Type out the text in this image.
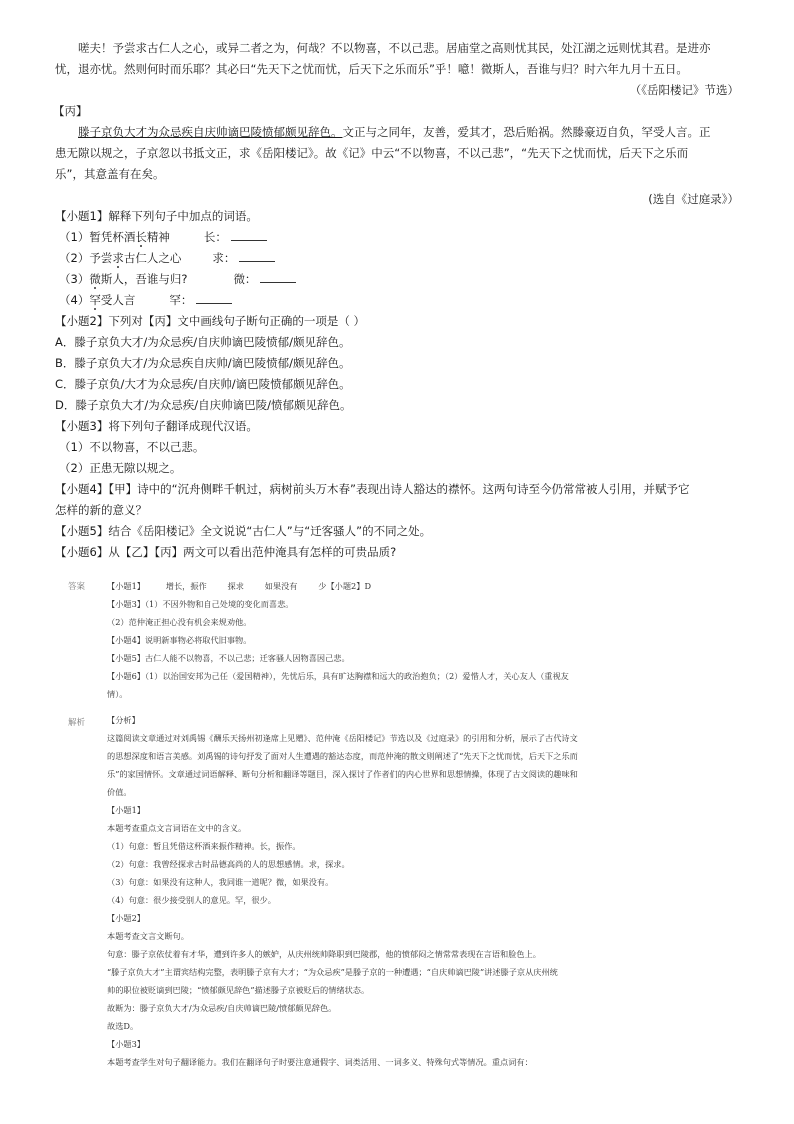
嗟夫！予尝求古仁人之心，或异二者之为，何哉？不以物喜，不以己悲。居庙堂之高则忧其民，处江湖之远则忧其君。是进亦
忧，退亦忧。然则何时而乐耶？其必曰“先天下之忧而忧，后天下之乐而乐”乎！噫！微斯人，吾谁与归？时六年九月十五日。
（《岳阳楼记》节选）
【丙】
滕子京负大才为众忌疾自庆帅谪巴陵愤郁颇见辞色。文正与之同年，友善，爱其才，恐后贻祸。然滕豪迈自负，罕受人言。正
患无隙以规之，子京忽以书抵文正，求《岳阳楼记》。故《记》中云“不以物喜，不以己悲”，“先天下之忧而忧，后天下之乐而
乐”，其意盖有在矣。
(选自《过庭录》）
【小题1】解释下列句子中加点的词语。
（1）暂凭杯酒长精神	长：
（2）予尝求古仁人之心	求：
（3）微斯人，吾谁与归?	微：
（4）罕受人言	罕：
【小题2】下列对【丙】文中画线句子断句正确的一项是（ ）
A．滕子京负大才/为众忌疾/自庆帅谪巴陵愤郁/颇见辞色。
B．滕子京负大才/为众忌疾自庆帅/谪巴陵愤郁/颇见辞色。
C．滕子京负/大才为众忌疾/自庆帅/谪巴陵愤郁颇见辞色。
D．滕子京负大才/为众忌疾/自庆帅谪巴陵/愤郁颇见辞色。
【小题3】将下列句子翻译成现代汉语。
（1）不以物喜，不以己悲。
（2）正患无隙以规之。
【小题4】【甲】诗中的“沉舟侧畔千帆过，病树前头万木春”表现出诗人豁达的襟怀。这两句诗至今仍常常被人引用，并赋予它
怎样的新的意义？
【小题5】结合《岳阳楼记》全文说说“古仁人”与“迁客骚人”的不同之处。
【小题6】从【乙】【丙】两文可以看出范仲淹具有怎样的可贵品质?
答案	【小题1】        增长，振作        探求        如果没有        少【小题2】D
【小题3】（1）不因外物和自己处境的变化而喜悲。
（2）范仲淹正担心没有机会来规劝他。
【小题4】说明新事物必将取代旧事物。
【小题5】古仁人能不以物喜，不以己悲；迁客骚人因物喜因己悲。
【小题6】（1）以治国安邦为己任（爱国精神），先忧后乐，具有旷达胸襟和远大的政治抱负；（2）爱惜人才，关心友人（重视友
情）。
解析	【分析】
这篇阅读文章通过对刘禹锡《酬乐天扬州初逢席上见赠》、范仲淹《岳阳楼记》节选以及《过庭录》的引用和分析，展示了古代诗文
的思想深度和语言美感。刘禹锡的诗句抒发了面对人生遭遇的豁达态度，而范仲淹的散文则阐述了“先天下之忧而忧，后天下之乐而
乐”的家国情怀。文章通过词语解释、断句分析和翻译等题目，深入探讨了作者们的内心世界和思想情操，体现了古文阅读的趣味和
价值。
【小题1】
本题考查重点文言词语在文中的含义。
（1）句意：暂且凭借这杯酒来振作精神。长，振作。
（2）句意：我曾经探求古时品德高尚的人的思想感情。求，探求。
（3）句意：如果没有这种人，我同谁一道呢？微，如果没有。
（4）句意：很少接受别人的意见。罕，很少。
【小题2】
本题考查文言文断句。
句意：滕子京依仗着有才华，遭到许多人的嫉妒，从庆州统帅降职到巴陵郡，他的愤郁闷之情常常表现在言语和脸色上。
“滕子京负大才”主谓宾结构完整，表明滕子京有大才；“为众忌疾”是滕子京的一种遭遇；“自庆帅谪巴陵”讲述滕子京从庆州统
帅的职位被贬谪到巴陵；“愤郁颇见辞色”描述滕子京被贬后的情绪状态。
故断为：滕子京负大才/为众忌疾/自庆帅谪巴陵/愤郁颇见辞色。
故选D。
【小题3】
本题考查学生对句子翻译能力。我们在翻译句子时要注意通假字、词类活用、一词多义、特殊句式等情况。重点词有：
